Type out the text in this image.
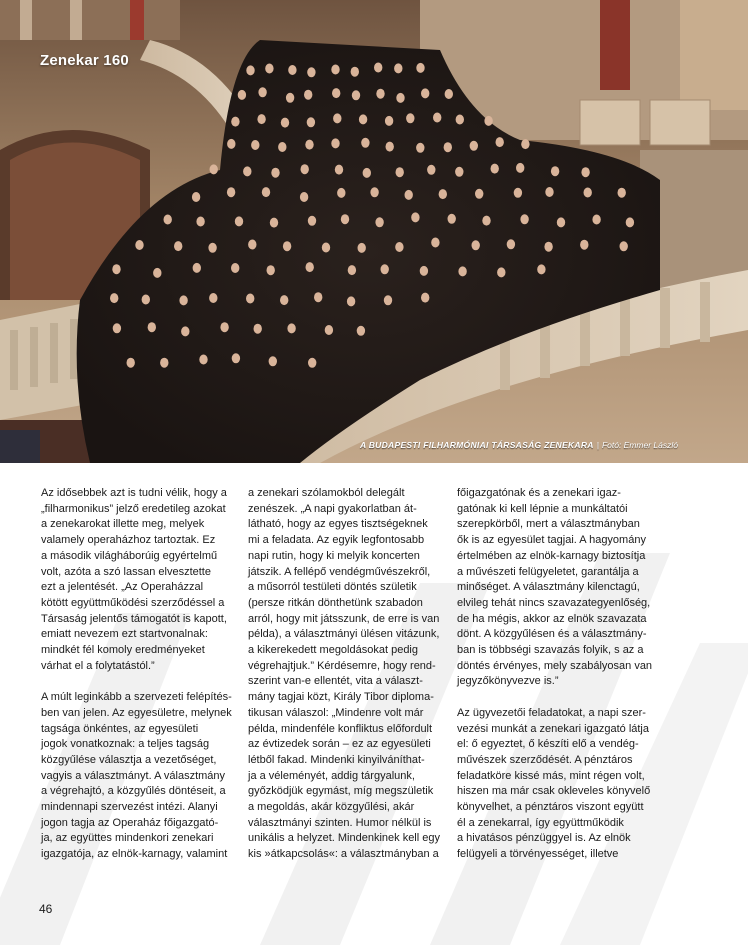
Zenekar 160
A BUDAPESTI FILHARMÓNIAI TÁRSASÁG ZENEKARA | Fotó: Emmer László
Az idősebbek azt is tudni vélik, hogy a
„filharmonikus” jelző eredetileg azokat
a zenekarokat illette meg, melyek
valamely operaházhoz tartoztak. Ez
a második világháborúig egyértelmű
volt, azóta a szó lassan elvesztette
ezt a jelentését. „Az Operaházzal
kötött együttműködési szerződéssel a
Társaság jelentős támogatót is kapott,
emiatt nevezem ezt startvonalnak:
mindkét fél komoly eredményeket
várhat el a folytatástól.”
A múlt leginkább a szervezeti felépítés-
ben van jelen. Az egyesületre, melynek
tagsága önkéntes, az egyesületi
jogok vonatkoznak: a teljes tagság
közgyűlése választja a vezetőséget,
vagyis a választmányt. A választmány
a végrehajtó, a közgyűlés döntéseit, a
mindennapi szervezést intézi. Alanyi
jogon tagja az Operaház főigazgató-
ja, az együttes mindenkori zenekari
igazgatója, az elnök-karnagy, valamint
a zenekari szólamokból delegált
zenészek. „A napi gyakorlatban át-
látható, hogy az egyes tisztségeknek
mi a feladata. Az egyik legfontosabb
napi rutin, hogy ki melyik koncerten
játszik. A fellépő vendégművészekről,
a műsorról testületi döntés születik
(persze ritkán dönthetünk szabadon
arról, hogy mit játsszunk, de erre is van
példa), a választmányi ülésen vitázunk,
a kikerekedett megoldásokat pedig
végrehajtjuk.” Kérdésemre, hogy rend-
szerint van-e ellentét, vita a választ-
mány tagjai közt, Király Tibor diploma-
tikusan válaszol: „Mindenre volt már
példa, mindenféle konfliktus előfordult
az évtizedek során – ez az egyesületi
létből fakad. Mindenki kinyilváníthat-
ja a véleményét, addig tárgyalunk,
győzködjük egymást, míg megszületik
a megoldás, akár közgyűlési, akár
választmányi szinten. Humor nélkül is
unikális a helyzet. Mindenkinek kell egy
kis »átkapcsolás«: a választmányban a
főigazgatónak és a zenekari igaz-
gatónak ki kell lépnie a munkáltatói
szerepkörből, mert a választmányban
ők is az egyesület tagjai. A hagyomány
értelmében az elnök-karnagy biztosítja
a művészeti felügyeletet, garantálja a
minőséget. A választmány kilenctagú,
elvileg tehát nincs szavazategyenlőség,
de ha mégis, akkor az elnök szavazata
dönt. A közgyűlésen és a választmány-
ban is többségi szavazás folyik, s az a
döntés érvényes, mely szabályosan van
jegyzőkönyvezve is.”
Az ügyvezetői feladatokat, a napi szer-
vezési munkát a zenekari igazgató látja
el: ő egyeztet, ő készíti elő a vendég-
művészek szerződését. A pénztáros
feladatköre kissé más, mint régen volt,
hiszen ma már csak okleveles könyvelő
könyvelhet, a pénztáros viszont együtt
él a zenekarral, így együttműködik
a hivatásos pénzüggyel is. Az elnök
felügyeli a törvényességet, illetve
46
